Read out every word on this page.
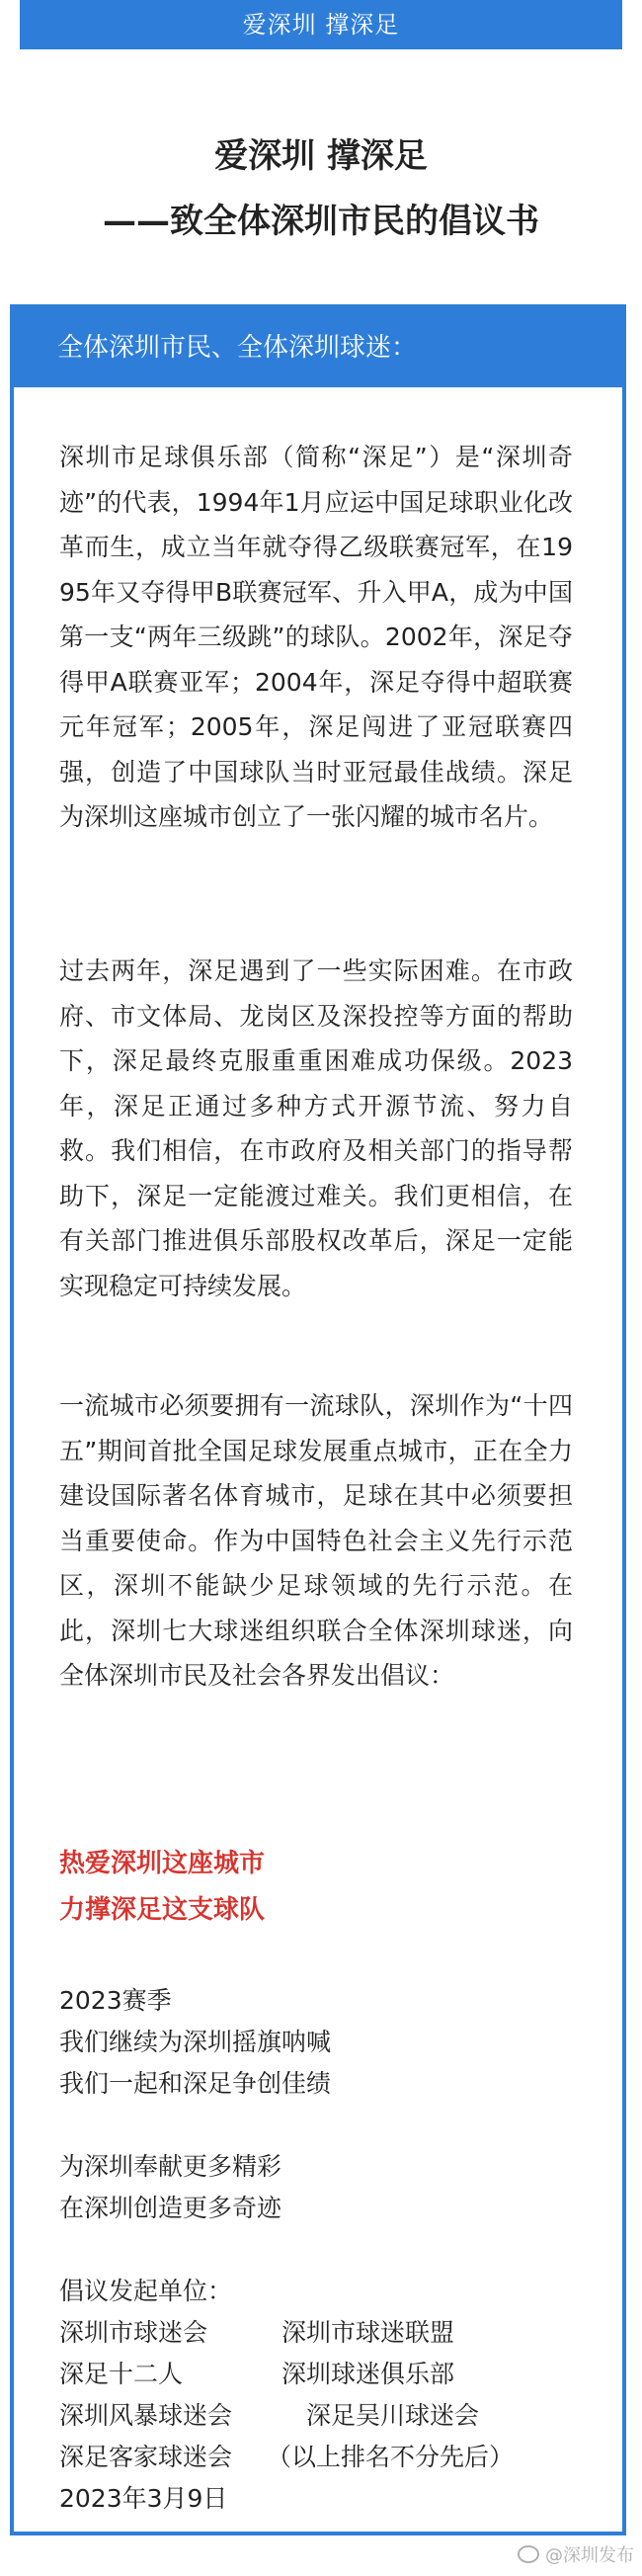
爱深圳 撑深足
爱深圳 撑深足
——致全体深圳市民的倡议书
全体深圳市民、全体深圳球迷：
深圳市足球俱乐部（简称“深足”）是“深圳奇迹”的代表，1994年1月应运中国足球职业化改革而生，成立当年就夺得乙级联赛冠军，在1995年又夺得甲B联赛冠军、升入甲A，成为中国第一支“两年三级跳”的球队。2002年，深足夺得甲A联赛亚军；2004年，深足夺得中超联赛元年冠军；2005年，深足闯进了亚冠联赛四强，创造了中国球队当时亚冠最佳战绩。深足为深圳这座城市创立了一张闪耀的城市名片。
过去两年，深足遇到了一些实际困难。在市政府、市文体局、龙岗区及深投控等方面的帮助下，深足最终克服重重困难成功保级。2023年，深足正通过多种方式开源节流、努力自救。我们相信，在市政府及相关部门的指导帮助下，深足一定能渡过难关。我们更相信，在有关部门推进俱乐部股权改革后，深足一定能实现稳定可持续发展。
一流城市必须要拥有一流球队，深圳作为“十四五”期间首批全国足球发展重点城市，正在全力建设国际著名体育城市，足球在其中必须要担当重要使命。作为中国特色社会主义先行示范区，深圳不能缺少足球领域的先行示范。在此，深圳七大球迷组织联合全体深圳球迷，向全体深圳市民及社会各界发出倡议：
热爱深圳这座城市
力撑深足这支球队
2023赛季
我们继续为深圳摇旗呐喊
我们一起和深足争创佳绩
为深圳奉献更多精彩
在深圳创造更多奇迹
倡议发起单位：
深圳市球迷会	深圳市球迷联盟
深足十二人	深圳球迷俱乐部
深圳风暴球迷会	深足吴川球迷会
深足客家球迷会 （以上排名不分先后）
2023年3月9日
@深圳发布
